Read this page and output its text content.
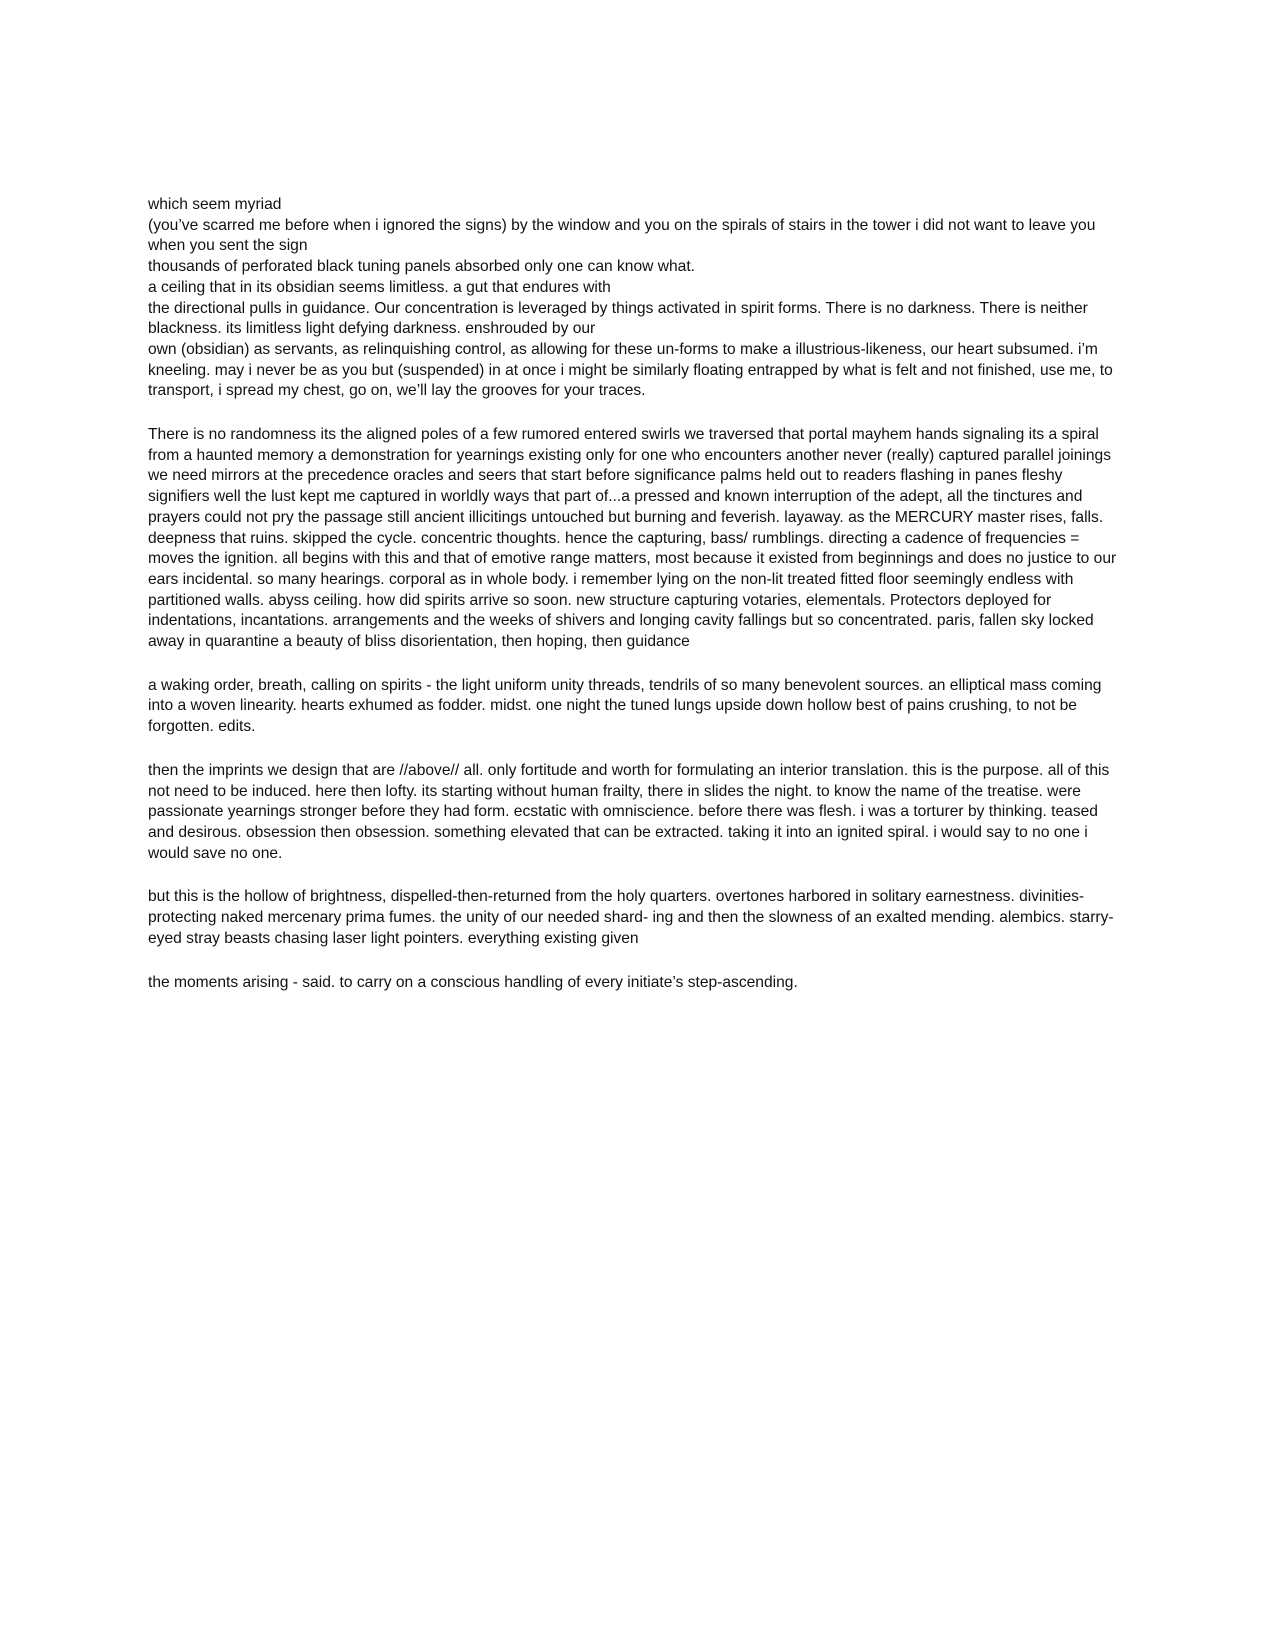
which seem myriad
(you’ve scarred me before when i ignored the signs) by the window and you on the spirals of stairs in the tower i did not want to leave you when you sent the sign
thousands of perforated black tuning panels absorbed only one can know what.
a ceiling that in its obsidian seems limitless. a gut that endures with
the directional pulls in guidance. Our concentration is leveraged by things activated in spirit forms. There is no darkness. There is neither blackness. its limitless light defying darkness. enshrouded by our
own (obsidian) as servants, as relinquishing control, as allowing for these un-forms to make a illustrious-likeness, our heart subsumed. i’m kneeling. may i never be as you but (suspended) in at once i might be similarly floating entrapped by what is felt and not finished, use me, to transport, i spread my chest, go on, we’ll lay the grooves for your traces.

There is no randomness its the aligned poles of a few rumored entered swirls we traversed that portal mayhem hands signaling its a spiral from a haunted memory a demonstration for yearnings existing only for one who encounters another never (really) captured parallel joinings
we need mirrors at the precedence oracles and seers that start before significance palms held out to readers flashing in panes fleshy signifiers well the lust kept me captured in worldly ways that part of...a pressed and known interruption of the adept, all the tinctures and prayers could not pry the passage still ancient illicitings untouched but burning and feverish. layaway. as the MERCURY master rises, falls. deepness that ruins. skipped the cycle. concentric thoughts. hence the capturing, bass/ rumblings. directing a cadence of frequencies = moves the ignition. all begins with this and that of emotive range matters, most because it existed from beginnings and does no justice to our ears incidental. so many hearings. corporal as in whole body. i remember lying on the non-lit treated fitted floor seemingly endless with partitioned walls. abyss ceiling. how did spirits arrive so soon. new structure capturing votaries, elementals. Protectors deployed for indentations, incantations. arrangements and the weeks of shivers and longing cavity fallings but so concentrated. paris, fallen sky locked away in quarantine a beauty of bliss disorientation, then hoping, then guidance

a waking order, breath, calling on spirits - the light uniform unity threads, tendrils of so many benevolent sources. an elliptical mass coming into a woven linearity. hearts exhumed as fodder. midst. one night the tuned lungs upside down hollow best of pains crushing, to not be forgotten. edits.

then the imprints we design that are //above// all. only fortitude and worth for formulating an interior translation. this is the purpose. all of this not need to be induced. here then lofty. its starting without human frailty, there in slides the night. to know the name of the treatise. were passionate yearnings stronger before they had form. ecstatic with omniscience. before there was flesh. i was a torturer by thinking. teased and desirous. obsession then obsession. something elevated that can be extracted. taking it into an ignited spiral. i would say to no one i would save no one.

but this is the hollow of brightness, dispelled-then-returned from the holy quarters. overtones harbored in solitary earnestness. divinities- protecting naked mercenary prima fumes. the unity of our needed shard- ing and then the slowness of an exalted mending. alembics. starry-eyed stray beasts chasing laser light pointers. everything existing given

the moments arising - said. to carry on a conscious handling of every initiate’s step-ascending.
